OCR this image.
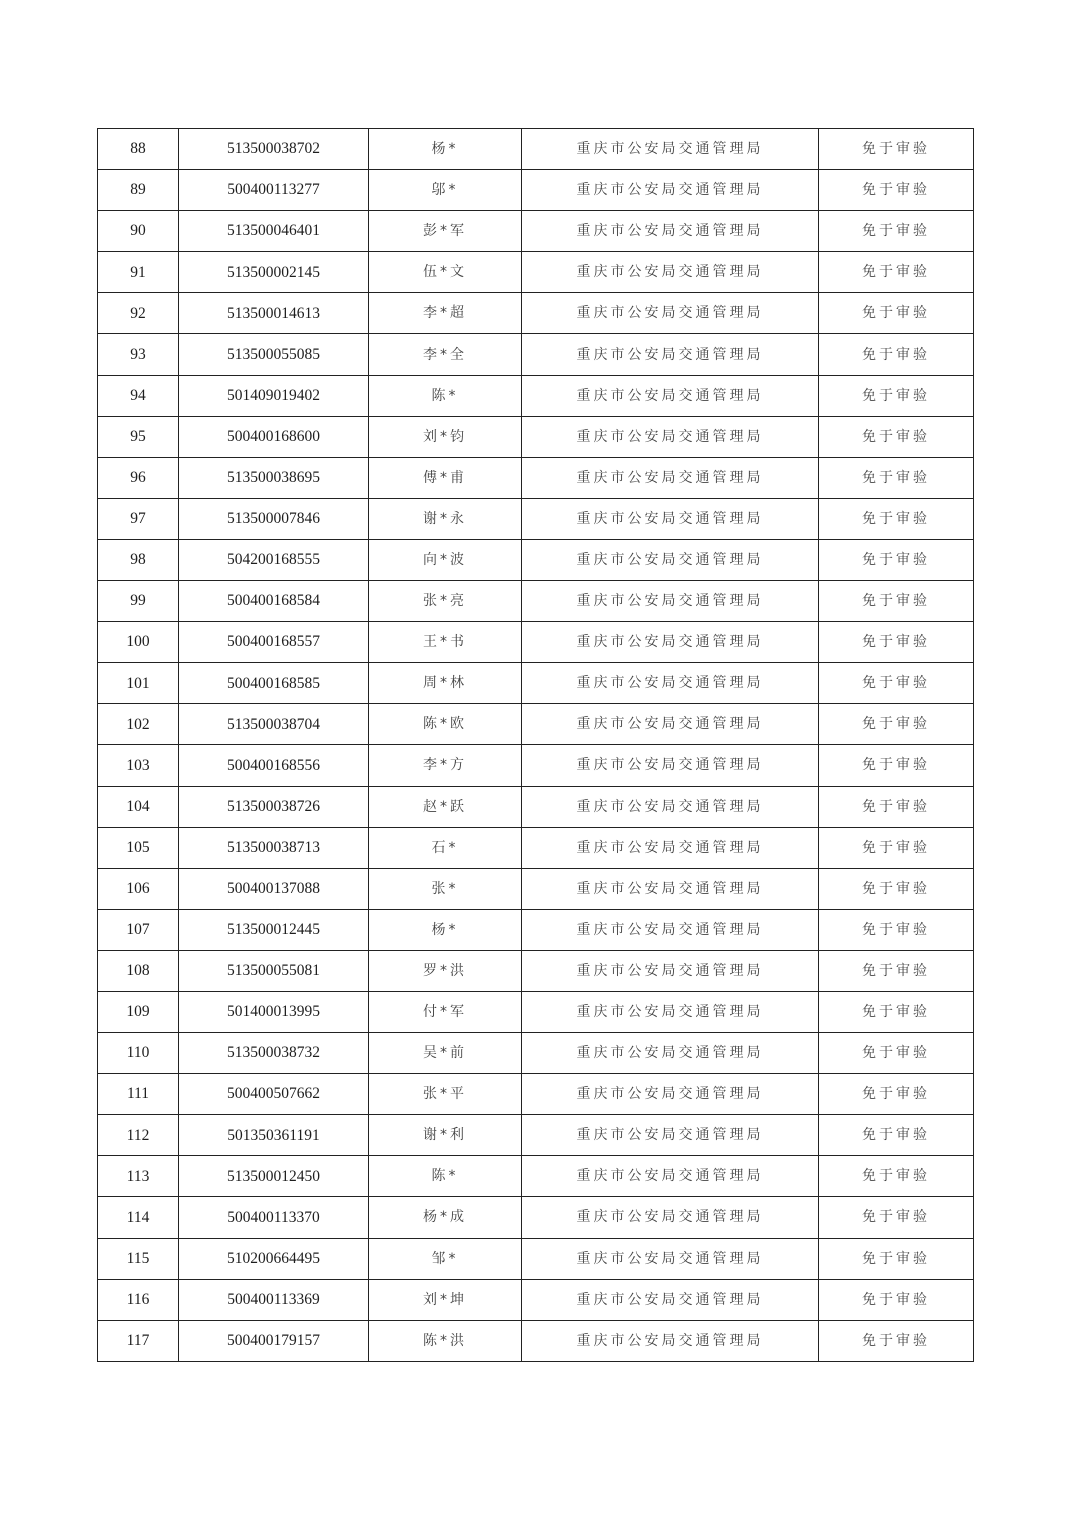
88	513500038702	杨*	重庆市公安局交通管理局	免于审验
89	500400113277	邬*	重庆市公安局交通管理局	免于审验
90	513500046401	彭*军	重庆市公安局交通管理局	免于审验
91	513500002145	伍*文	重庆市公安局交通管理局	免于审验
92	513500014613	李*超	重庆市公安局交通管理局	免于审验
93	513500055085	李*全	重庆市公安局交通管理局	免于审验
94	501409019402	陈*	重庆市公安局交通管理局	免于审验
95	500400168600	刘*钧	重庆市公安局交通管理局	免于审验
96	513500038695	傅*甫	重庆市公安局交通管理局	免于审验
97	513500007846	谢*永	重庆市公安局交通管理局	免于审验
98	504200168555	向*波	重庆市公安局交通管理局	免于审验
99	500400168584	张*亮	重庆市公安局交通管理局	免于审验
100	500400168557	王*书	重庆市公安局交通管理局	免于审验
101	500400168585	周*林	重庆市公安局交通管理局	免于审验
102	513500038704	陈*欧	重庆市公安局交通管理局	免于审验
103	500400168556	李*方	重庆市公安局交通管理局	免于审验
104	513500038726	赵*跃	重庆市公安局交通管理局	免于审验
105	513500038713	石*	重庆市公安局交通管理局	免于审验
106	500400137088	张*	重庆市公安局交通管理局	免于审验
107	513500012445	杨*	重庆市公安局交通管理局	免于审验
108	513500055081	罗*洪	重庆市公安局交通管理局	免于审验
109	501400013995	付*军	重庆市公安局交通管理局	免于审验
110	513500038732	吴*前	重庆市公安局交通管理局	免于审验
111	500400507662	张*平	重庆市公安局交通管理局	免于审验
112	501350361191	谢*利	重庆市公安局交通管理局	免于审验
113	513500012450	陈*	重庆市公安局交通管理局	免于审验
114	500400113370	杨*成	重庆市公安局交通管理局	免于审验
115	510200664495	邹*	重庆市公安局交通管理局	免于审验
116	500400113369	刘*坤	重庆市公安局交通管理局	免于审验
117	500400179157	陈*洪	重庆市公安局交通管理局	免于审验
